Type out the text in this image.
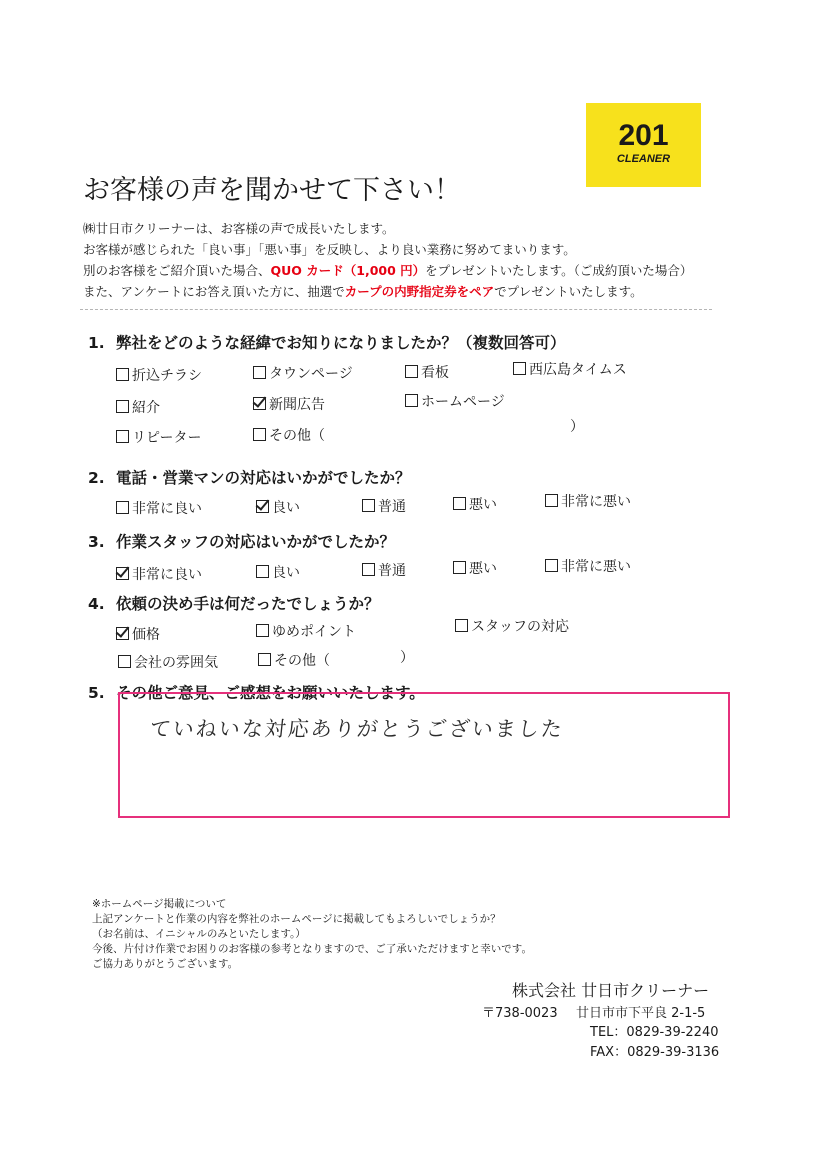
201
CLEANER
お客様の声を聞かせて下さい！
㈱廿日市クリーナーは、お客様の声で成長いたします。
お客様が感じられた「良い事」「悪い事」を反映し、より良い業務に努めてまいります。
別のお客様をご紹介頂いた場合、QUO カード（1,000 円）をプレゼントいたします。（ご成約頂いた場合）
また、アンケートにお答え頂いた方に、抽選でカープの内野指定券をペアでプレゼントいたします。
1. 弊社をどのような経緯でお知りになりましたか？（複数回答可）
折込チラシ	タウンページ	看板	西広島タイムス
紹介	新聞広告	ホームページ
リピーター	その他（
）
2. 電話・営業マンの対応はいかがでしたか？
非常に良い	良い	普通	悪い	非常に悪い
3. 作業スタッフの対応はいかがでしたか？
非常に良い	良い	普通	悪い	非常に悪い
4. 依頼の決め手は何だったでしょうか？
価格	ゆめポイント	スタッフの対応
会社の雰囲気	その他（	）
5. その他ご意見、ご感想をお願いいたします。
ていねいな対応ありがとうございました
※ホームページ掲載について
上記アンケートと作業の内容を弊社のホームページに掲載してもよろしいでしょうか？
（お名前は、イニシャルのみといたします。）
今後、片付け作業でお困りのお客様の参考となりますので、ご了承いただけますと幸いです。
ご協力ありがとうございます。
株式会社 廿日市クリーナー
〒738-0023 廿日市市下平良 2-1-5
TEL：0829-39-2240
FAX：0829-39-3136
